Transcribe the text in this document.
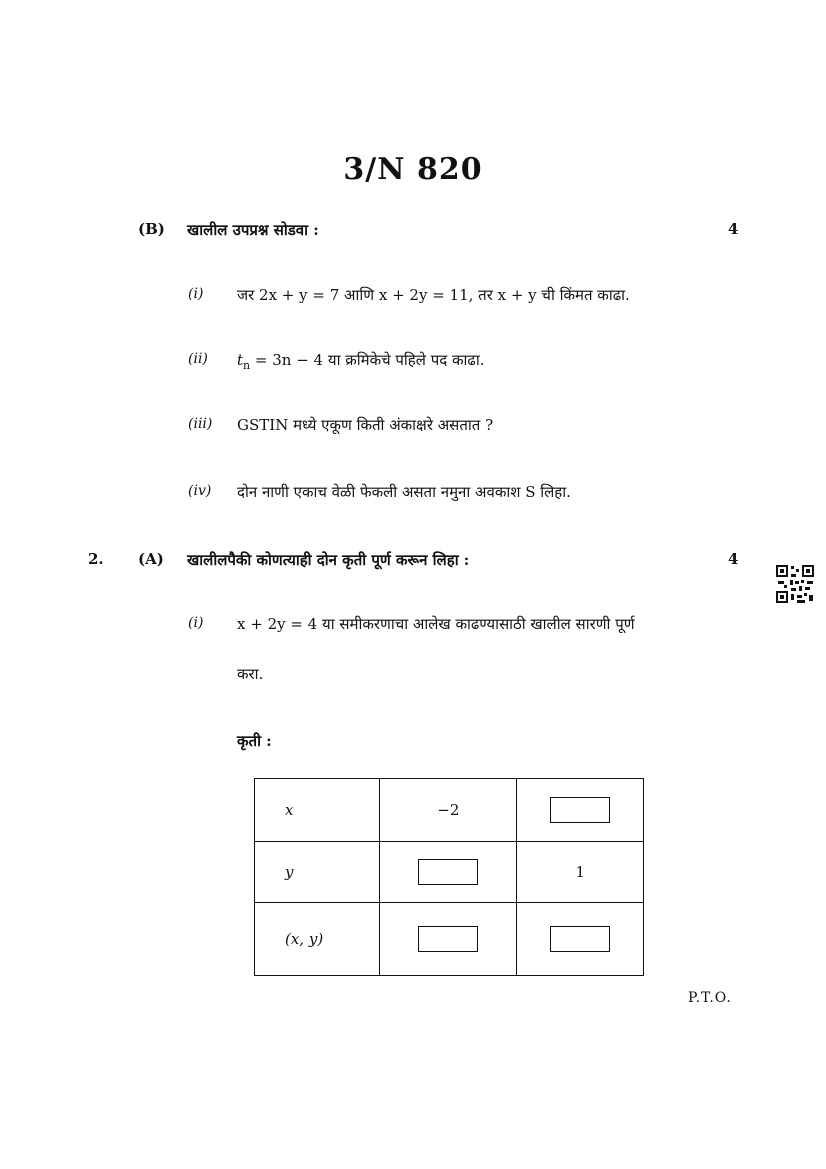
3/N 820
(B) खालील उपप्रश्न सोडवा :	4
(i) जर 2x + y = 7 आणि x + 2y = 11, तर x + y ची किंमत काढा.
(ii) $t_n = 3n - 4$ या क्रमिकेचे पहिले पद काढा.
(iii) GSTIN मध्ये एकूण किती अंकाक्षरे असतात ?
(iv) दोन नाणी एकाच वेळी फेकली असता नमुना अवकाश S लिहा.
2. (A) खालीलपैकी कोणत्याही दोन कृती पूर्ण करून लिहा :	4
(i) x + 2y = 4 या समीकरणाचा आलेख काढण्यासाठी खालील सारणी पूर्ण
करा.
कृती :
x	−2	
y		1
(x, y)		
P.T.O.
